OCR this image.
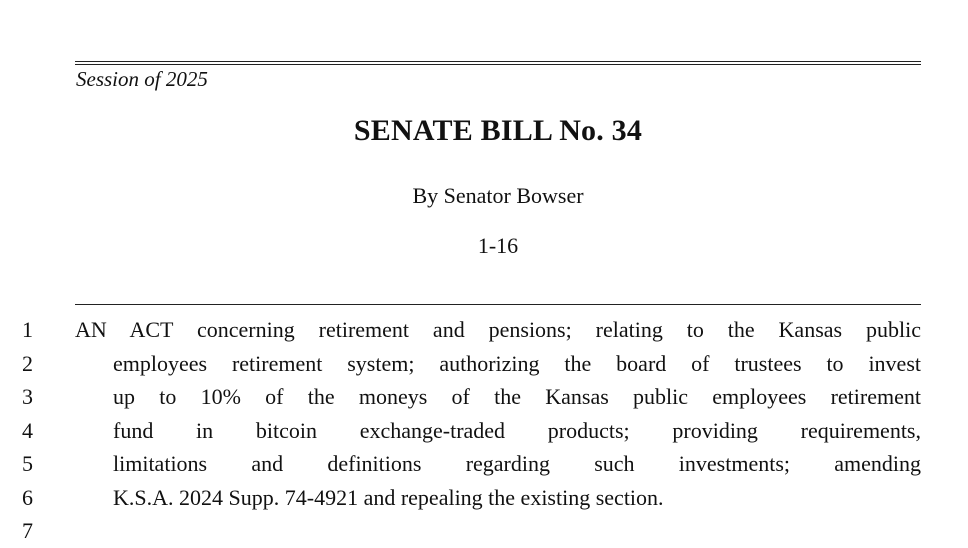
Session of 2025
SENATE BILL No. 34
By Senator Bowser
1-16
1
2
3
4
5
6
7
AN ACT concerning retirement and pensions; relating to the Kansas public
employees retirement system; authorizing the board of trustees to invest
up to 10% of the moneys of the Kansas public employees retirement
fund in bitcoin exchange-traded products; providing requirements,
limitations and definitions regarding such investments; amending
K.S.A. 2024 Supp. 74-4921 and repealing the existing section.
